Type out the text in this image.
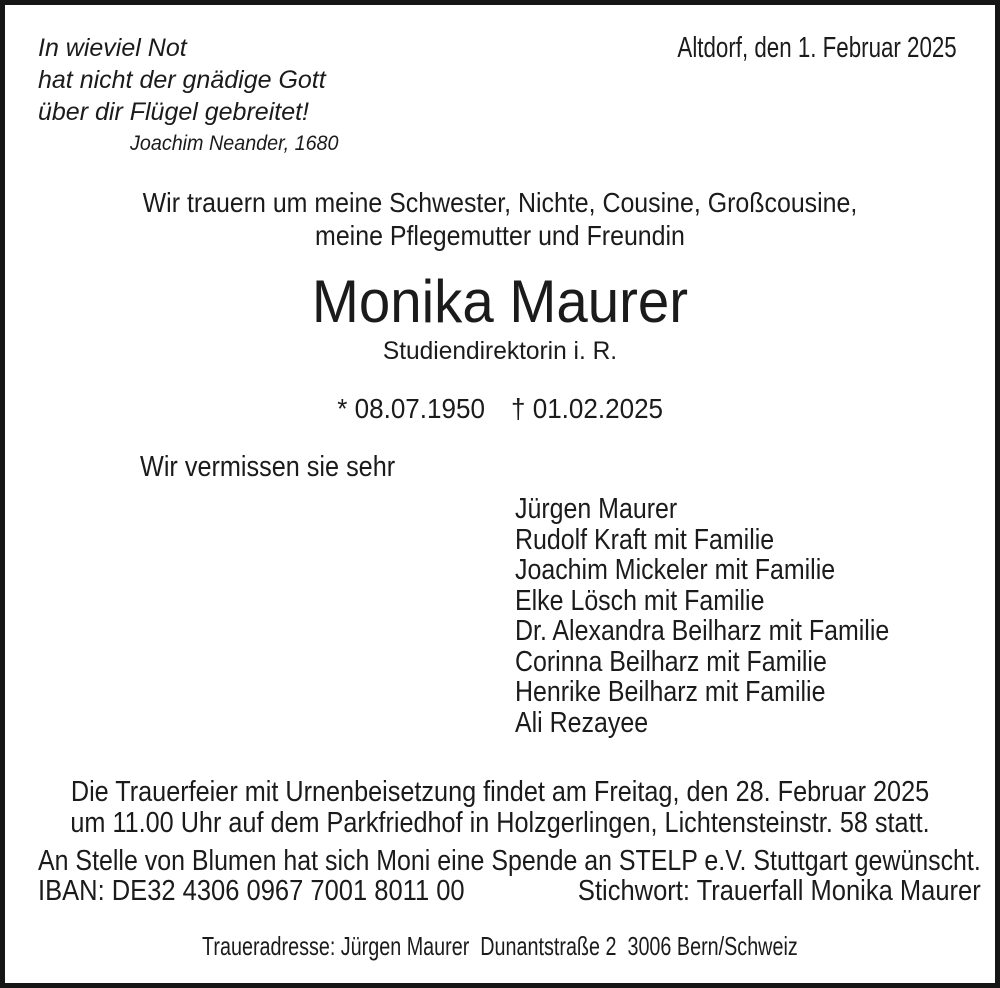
In wieviel Not
hat nicht der gnädige Gott
über dir Flügel gebreitet!
Joachim Neander, 1680
Altdorf, den 1. Februar 2025
Wir trauern um meine Schwester, Nichte, Cousine, Großcousine,
meine Pflegemutter und Freundin
Monika Maurer
Studiendirektorin i. R.
* 08.07.1950 † 01.02.2025
Wir vermissen sie sehr
Jürgen Maurer
Rudolf Kraft mit Familie
Joachim Mickeler mit Familie
Elke Lösch mit Familie
Dr. Alexandra Beilharz mit Familie
Corinna Beilharz mit Familie
Henrike Beilharz mit Familie
Ali Rezayee
Die Trauerfeier mit Urnenbeisetzung findet am Freitag, den 28. Februar 2025
um 11.00 Uhr auf dem Parkfriedhof in Holzgerlingen, Lichtensteinstr. 58 statt.
An Stelle von Blumen hat sich Moni eine Spende an STELP e.V. Stuttgart gewünscht.
IBAN: DE32 4306 0967 7001 8011 00	Stichwort: Trauerfall Monika Maurer
Traueradresse: Jürgen Maurer  Dunantstraße 2  3006 Bern/Schweiz
